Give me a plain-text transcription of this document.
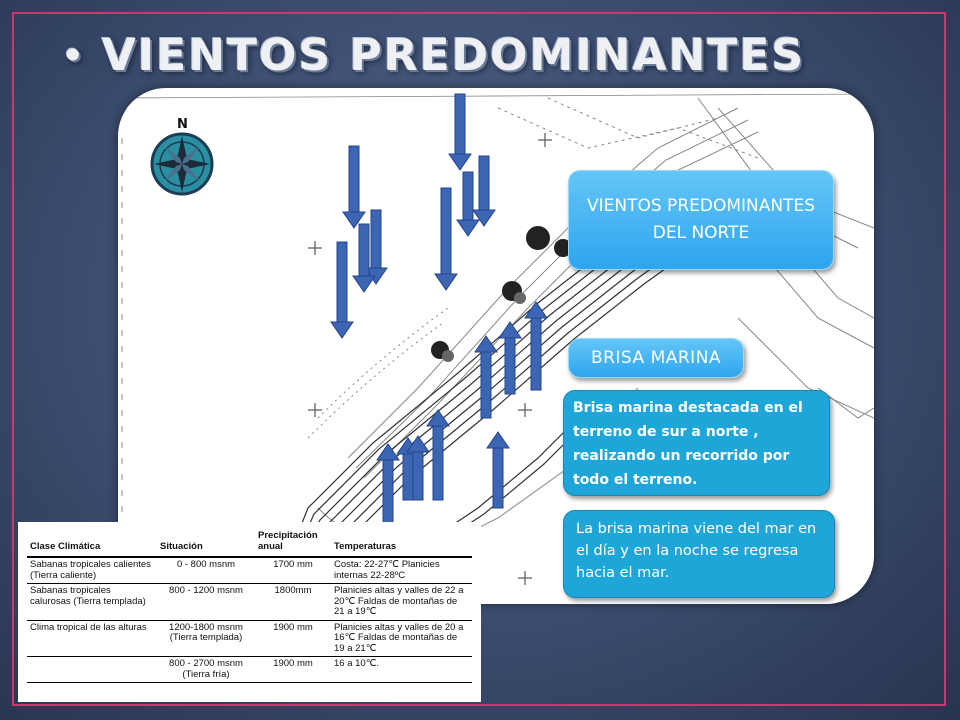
• VIENTOS PREDOMINANTES
N
VIENTOS PREDOMINANTES DEL NORTE
BRISA MARINA
Brisa marina destacada en el terreno de sur a norte , realizando un recorrido por todo el terreno.
La brisa marina viene del mar en el día y en la noche se regresa hacia el mar.
Clase Climática	Situación	Precipitación anual	Temperaturas
Sabanas tropicales calientes (Tierra caliente)	0 - 800 msnm	1700 mm	Costa: 22-27℃ Planicies internas 22-28ºC
Sabanas tropicales calurosas (Tierra templada)	800 - 1200 msnm	1800mm	Planicies altas y valles de 22 a 20℃ Faldas de montañas de 21 a 19℃
Clima tropical de las alturas	1200-1800 msnm (Tierra templada)	1900 mm	Planicies altas y valles de 20 a 16℃ Faldas de montañas de 19 a 21℃
	800 - 2700 msnm (Tierra fría)	1900 mm	16 a 10℃.
